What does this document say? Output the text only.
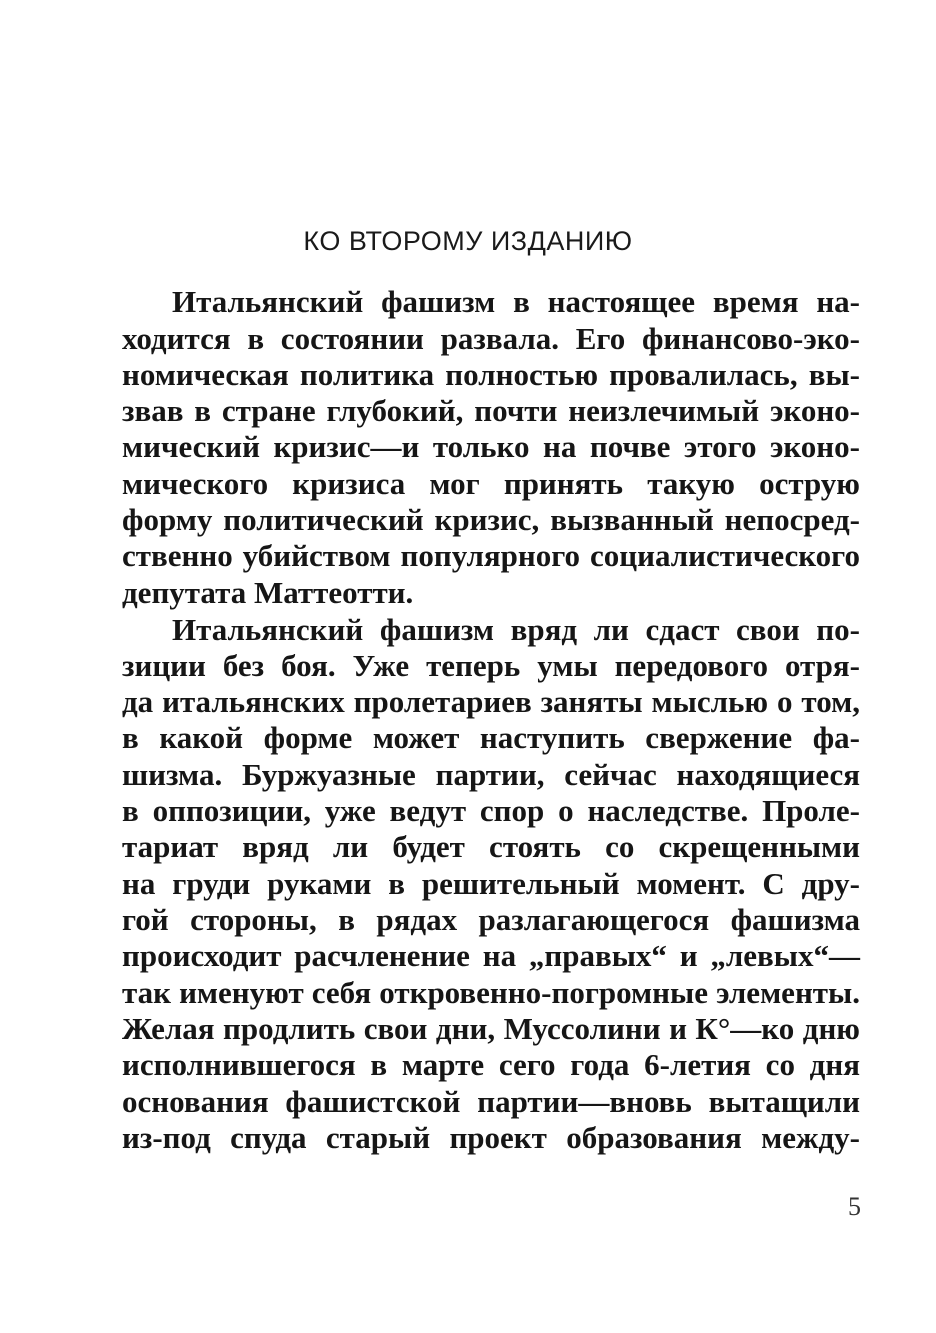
КО ВТОРОМУ ИЗДАНИЮ
Итальянский фашизм в настоящее время на-
ходится в состоянии развала. Его финансово-эко-
номическая политика полностью провалилась, вы-
звав в стране глубокий, почти неизлечимый эконо-
мический кризис—и только на почве этого эконо-
мического кризиса мог принять такую острую
форму политический кризис, вызванный непосред-
ственно убийством популярного социалистического
депутата Маттеотти.
Итальянский фашизм вряд ли сдаст свои по-
зиции без боя. Уже теперь умы передового отря-
да итальянских пролетариев заняты мыслью о том,
в какой форме может наступить свержение фа-
шизма. Буржуазные партии, сейчас находящиеся
в оппозиции, уже ведут спор о наследстве. Проле-
тариат вряд ли будет стоять со скрещенными
на груди руками в решительный момент. С дру-
гой стороны, в рядах разлагающегося фашизма
происходит расчленение на „правых“ и „левых“—
так именуют себя откровенно-погромные элементы.
Желая продлить свои дни, Муссолини и К°—ко дню
исполнившегося в марте сего года 6-летия со дня
основания фашистской партии—вновь вытащили
из-под спуда старый проект образования между-
5
